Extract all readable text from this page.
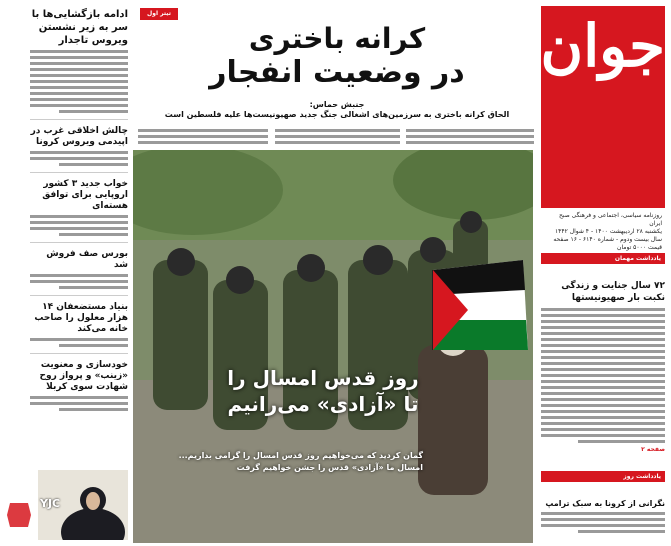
جوان
روزنامه سیاسی، اجتماعی و فرهنگی صبح ایران
یکشنبه ۲۸ اردیبهشت ۱۴۰۰ - ۴ شوال ۱۴۴۲
سال بیست ‌ودوم - شماره ۶۱۴۰ - ۱۶ صفحه
قیمت ۵۰۰۰ تومان
یادداشت مهمان
۷۲ سال جنایت و زندگی نکبت بار صهیونیستها
صفحه ۲
یادداشت روز
نگرانی از کرونا به سبک ترامپ
تیتر اول
کرانه باختری
در وضعیت انفجار
جنبش حماس:
الحاق کرانه باختری به سرزمین‌های اشغالی جنگ جدید صهیونیست‌ها علیه فلسطین است
روز قدس امسال را
تا «آزادی» می‌رانیم
گمان کردید که می‌خواهیم روز قدس امسال را گرامی بداریم... امسال ما «آزادی» قدس را جشن خواهیم گرفت
ادامه بازگشایی‌ها با سر به زیر نشستن ویروس تاجدار
چالش اخلاقی غرب در اپیدمی ویروس کرونا
خواب جدید ۳ کشور اروپایی برای توافق هسته‌ای
بورس صف فروش شد
بنیاد مستضعفان ۱۴ هزار معلول را صاحب خانه می‌کند
خودسازی و معنویت «زینب» و پرواز روح شهادت سوی کربلا
YJC
